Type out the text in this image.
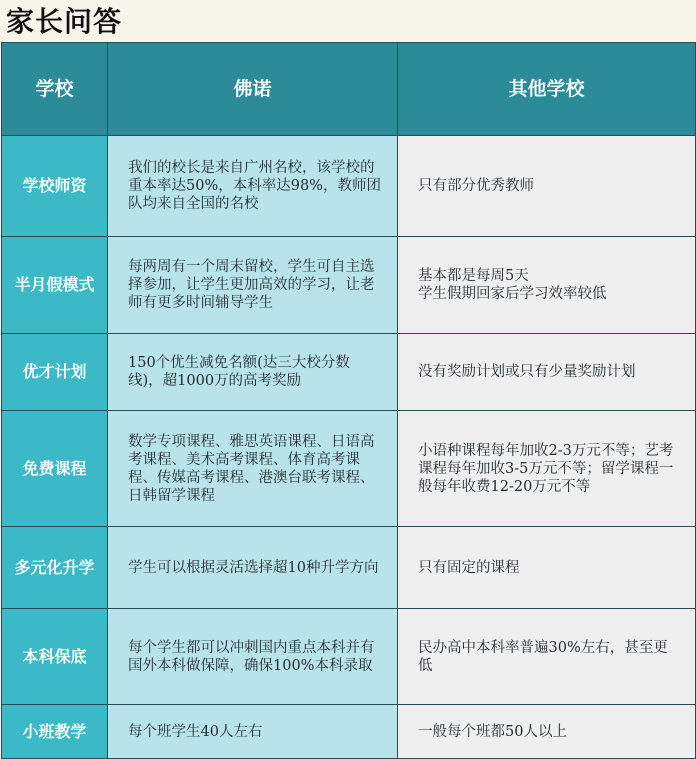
家长问答
学校	佛诺	其他学校
学校师资	我们的校长是来自广州名校，该学校的重本率达50%，本科率达98%，教师团队均来自全国的名校	只有部分优秀教师
半月假模式	每两周有一个周末留校，学生可自主选择参加，让学生更加高效的学习，让老师有更多时间辅导学生	基本都是每周5天
学生假期回家后学习效率较低

优才计划	150个优生减免名额(达三大校分数线)，超1000万的高考奖励	没有奖励计划或只有少量奖励计划
免费课程	数学专项课程、雅思英语课程、日语高考课程、美术高考课程、体育高考课程、传媒高考课程、港澳台联考课程、日韩留学课程	小语种课程每年加收2-3万元不等；艺考课程每年加收3-5万元不等；留学课程一般每年收费12-20万元不等
多元化升学	学生可以根据灵活选择超10种升学方向	只有固定的课程
本科保底	每个学生都可以冲刺国内重点本科并有国外本科做保障，确保100%本科录取	民办高中本科率普遍30%左右，甚至更低
小班教学	每个班学生40人左右	一般每个班都50人以上
